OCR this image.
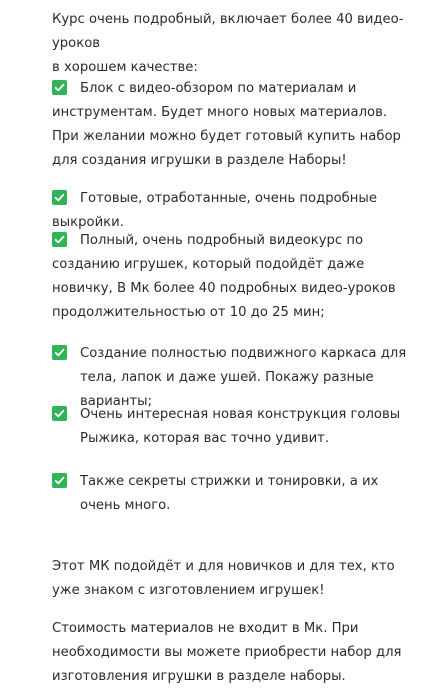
Курс очень подробный, включает более 40 видео-уроков
в хорошем качестве:

Блок с видео-обзором по материалам и инструментам. Будет много новых материалов. При желании можно будет готовый купить набор для создания игрушки в разделе Наборы!
Готовые, отработанные, очень подробные выкройки.
Полный, очень подробный видеокурс по созданию игрушек, который подойдёт даже новичку, В Мк более 40 подробных видео-уроков продолжительностью от 10 до 25 мин;
Создание полностью подвижного каркаса для тела, лапок и даже ушей. Покажу разные варианты;
Очень интересная новая конструкция головы Рыжика, которая вас точно удивит.
Также секреты стрижки и тонировки, а их очень много.

Этот МК подойдёт и для новичков и для тех, кто уже знаком с изготовлением игрушек!

Стоимость материалов не входит в Мк. При необходимости вы можете приобрести набор для изготовления игрушки в разделе наборы.
